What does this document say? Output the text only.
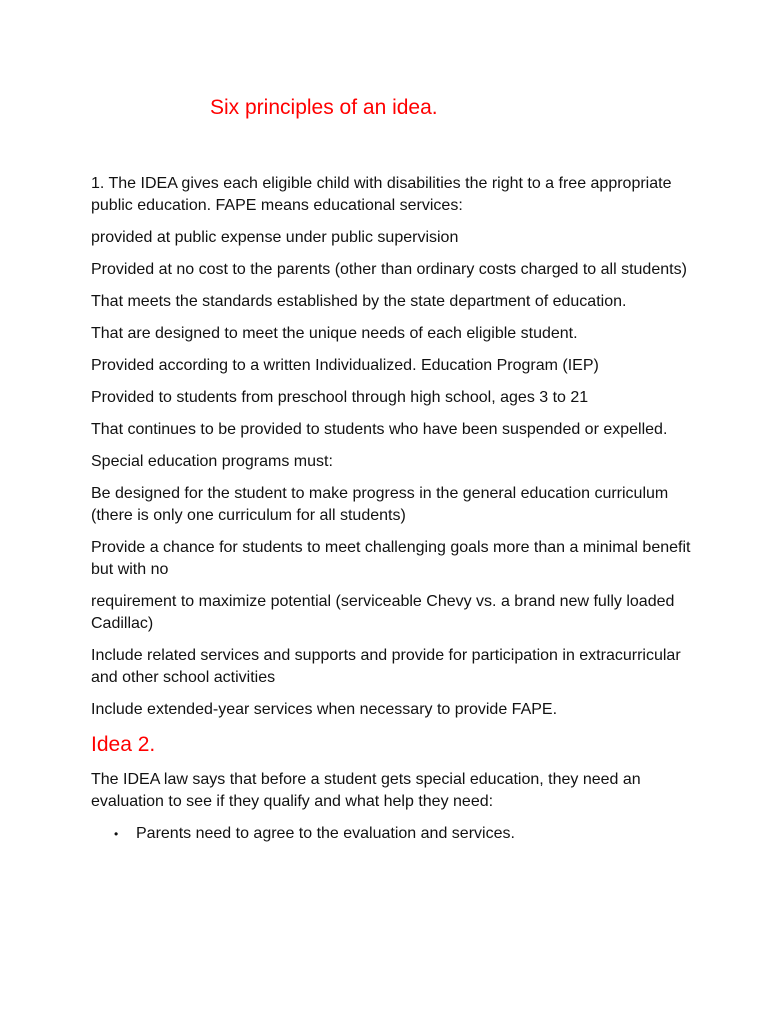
Six principles of an idea.

1. The IDEA gives each eligible child with disabilities the right to a free appropriate public education. FAPE means educational services:

provided at public expense under public supervision

Provided at no cost to the parents (other than ordinary costs charged to all students)

That meets the standards established by the state department of education.

That are designed to meet the unique needs of each eligible student.

Provided according to a written Individualized. Education Program (IEP)

Provided to students from preschool through high school, ages 3 to 21

That continues to be provided to students who have been suspended or expelled.

Special education programs must:

Be designed for the student to make progress in the general education curriculum (there is only one curriculum for all students)

Provide a chance for students to meet challenging goals more than a minimal benefit but with no

requirement to maximize potential (serviceable Chevy vs. a brand new fully loaded Cadillac)

Include related services and supports and provide for participation in extracurricular and other school activities

Include extended-year services when necessary to provide FAPE.

Idea 2.

The IDEA law says that before a student gets special education, they need an evaluation to see if they qualify and what help they need:

• Parents need to agree to the evaluation and services.
